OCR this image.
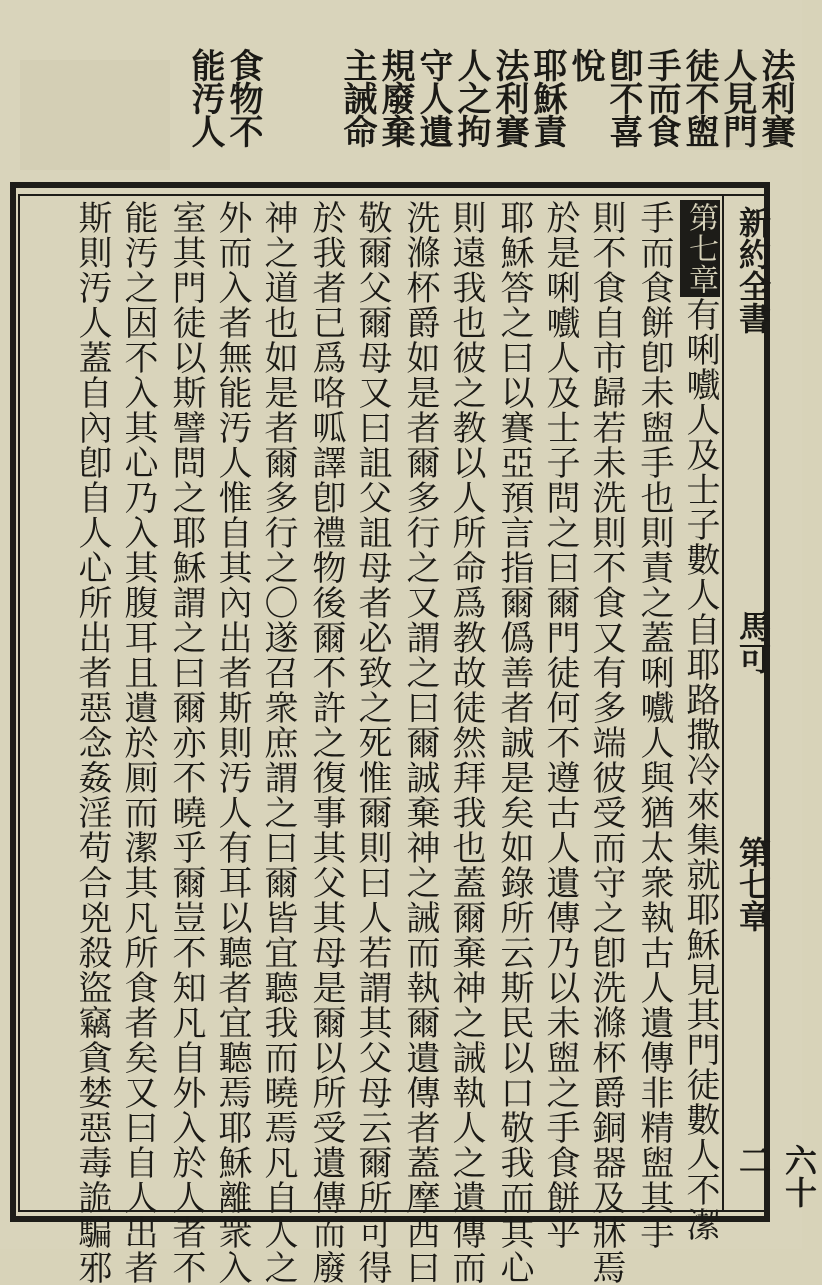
法利賽人見門徒不盥手而食卽不喜悅
耶穌責法利賽人之拘守人遺規廢棄主誡命
食物不能汚人
新約全書
馬可
第七章
六十二
第七章有唎嚱人及士子數人自耶路撒冷來集就耶穌見其門徒數人不潔
手而食餅卽未盥手也則責之蓋唎嚱人與猶太衆執古人遺傳非精盥其手
則不食自市歸若未洗則不食又有多端彼受而守之卽洗滌杯爵銅器及牀焉
於是唎嚱人及士子問之曰爾門徒何不遵古人遺傳乃以未盥之手食餅乎
耶穌答之曰以賽亞預言指爾僞善者誠是矣如錄所云斯民以口敬我而其心
則遠我也彼之教以人所命爲教故徒然拜我也蓋爾棄神之誡執人之遺傳而
洗滌杯爵如是者爾多行之又謂之曰爾誠棄神之誡而執爾遺傳者蓋摩西曰
敬爾父爾母又曰詛父詛母者必致之死惟爾則曰人若謂其父母云爾所可得
於我者已爲咯呱譯卽禮物後爾不許之復事其父其母是爾以所受遺傳而廢
神之道也如是者爾多行之〇遂召衆庶謂之曰爾皆宜聽我而曉焉凡自人之
外而入者無能汚人惟自其內出者斯則汚人有耳以聽者宜聽焉耶穌離衆入
室其門徒以斯譬問之耶穌謂之曰爾亦不曉乎爾豈不知凡自外入於人者不
能汚之因不入其心乃入其腹耳且遺於厠而潔其凡所食者矣又曰自人出者
斯則汚人蓋自內卽自人心所出者惡念姦淫苟合兇殺盜竊貪婪惡毒詭騙邪
